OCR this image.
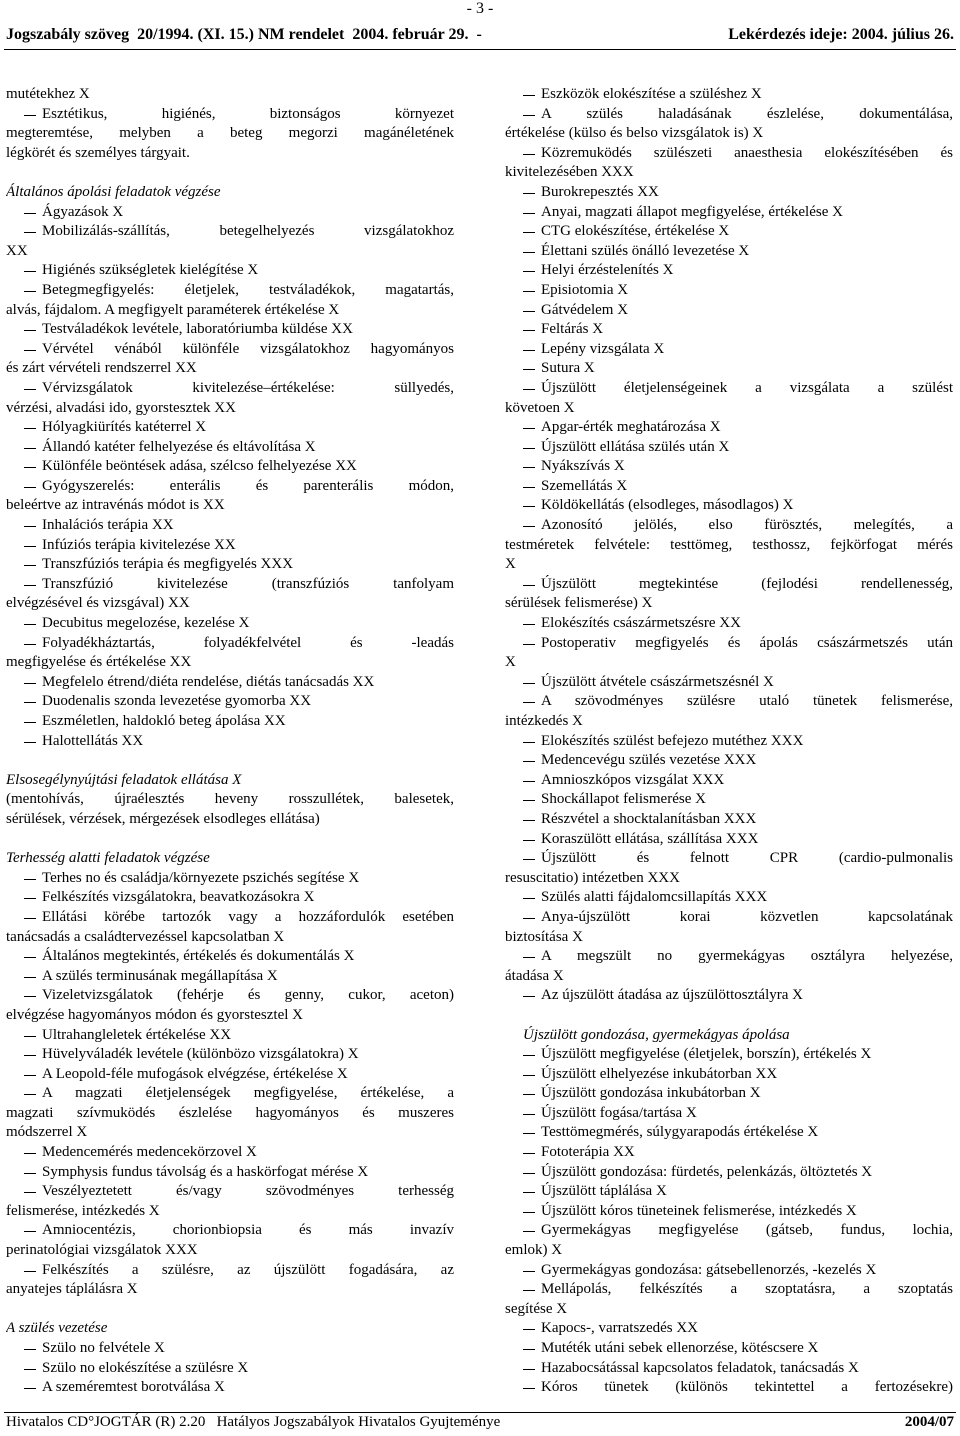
- 3 -
Jogszabály szöveg  20/1994. (XI. 15.) NM rendelet  2004. február 29.  -	Lekérdezés ideje: 2004. július 26.
mutétekhez X
Esztétikus, higiénés, biztonságos környezet
megteremtése, melyben a beteg megorzi magánéletének
légkörét és személyes tárgyait.
Általános ápolási feladatok végzése
Ágyazások X
Mobilizálás-szállítás, betegelhelyezés vizsgálatokhoz
XX
Higiénés szükségletek kielégítése X
Betegmegfigyelés: életjelek, testváladékok, magatartás,
alvás, fájdalom. A megfigyelt paraméterek értékelése X
Testváladékok levétele, laboratóriumba küldése XX
Vérvétel vénából különféle vizsgálatokhoz hagyományos
és zárt vérvételi rendszerrel XX
Vérvizsgálatok kivitelezése–értékelése: süllyedés,
vérzési, alvadási ido, gyorstesztek XX
Hólyagkiürítés katéterrel X
Állandó katéter felhelyezése és eltávolítása X
Különféle beöntések adása, szélcso felhelyezése XX
Gyógyszerelés: enterális és parenterális módon,
beleértve az intravénás módot is XX
Inhalációs terápia XX
Infúziós terápia kivitelezése XX
Transzfúziós terápia és megfigyelés XXX
Transzfúzió kivitelezése (transzfúziós tanfolyam
elvégzésével és vizsgával) XX
Decubitus megelozése, kezelése X
Folyadékháztartás, folyadékfelvétel és -leadás
megfigyelése és értékelése XX
Megfelelo étrend/diéta rendelése, diétás tanácsadás XX
Duodenalis szonda levezetése gyomorba XX
Eszméletlen, haldokló beteg ápolása XX
Halottellátás XX
Elsosegélynyújtási feladatok ellátása X
(mentohívás, újraélesztés heveny rosszullétek, balesetek,
sérülések, vérzések, mérgezések elsodleges ellátása)
Terhesség alatti feladatok végzése
Terhes no és családja/környezete pszichés segítése X
Felkészítés vizsgálatokra, beavatkozásokra X
Ellátási körébe tartozók vagy a hozzáfordulók esetében
tanácsadás a családtervezéssel kapcsolatban X
Általános megtekintés, értékelés és dokumentálás X
A szülés terminusának megállapítása X
Vizeletvizsgálatok (fehérje és genny, cukor, aceton)
elvégzése hagyományos módon és gyorstesztel X
Ultrahangleletek értékelése XX
Hüvelyváladék levétele (különbözo vizsgálatokra) X
A Leopold-féle mufogások elvégzése, értékelése X
A magzati életjelenségek megfigyelése, értékelése, a
magzati szívmuködés észlelése hagyományos és muszeres
módszerrel X
Medencemérés medencekörzovel X
Symphysis fundus távolság és a haskörfogat mérése X
Veszélyeztetett és/vagy szövodményes terhesség
felismerése, intézkedés X
Amniocentézis, chorionbiopsia és más invazív
perinatológiai vizsgálatok XXX
Felkészítés a szülésre, az újszülött fogadására, az
anyatejes táplálásra X
A szülés vezetése
Szülo no felvétele X
Szülo no elokészítése a szülésre X
A szeméremtest borotválása X
Eszközök elokészítése a szüléshez X
A szülés haladásának észlelése, dokumentálása,
értékelése (külso és belso vizsgálatok is) X
Közremuködés szülészeti anaesthesia elokészítésében és
kivitelezésében XXX
Burokrepesztés XX
Anyai, magzati állapot megfigyelése, értékelése X
CTG elokészítése, értékelése X
Élettani szülés önálló levezetése X
Helyi érzéstelenítés X
Episiotomia X
Gátvédelem X
Feltárás X
Lepény vizsgálata X
Sutura X
Újszülött életjelenségeinek a vizsgálata a szülést
követoen X
Apgar-érték meghatározása X
Újszülött ellátása szülés után X
Nyákszívás X
Szemellátás X
Köldökellátás (elsodleges, másodlagos) X
Azonosító jelölés, elso fürösztés, melegítés, a
testméretek felvétele: testtömeg, testhossz, fejkörfogat mérés
X
Újszülött megtekintése (fejlodési rendellenesség,
sérülések felismerése) X
Elokészítés császármetszésre XX
Postoperativ megfigyelés és ápolás császármetszés után
X
Újszülött átvétele császármetszésnél X
A szövodményes szülésre utaló tünetek felismerése,
intézkedés X
Elokészítés szülést befejezo mutéthez XXX
Medencevégu szülés vezetése XXX
Amnioszkópos vizsgálat XXX
Shockállapot felismerése X
Részvétel a shocktalanításban XXX
Koraszülött ellátása, szállítása XXX
Újszülött és felnott CPR (cardio-pulmonalis
resuscitatio) intézetben XXX
Szülés alatti fájdalomcsillapítás XXX
Anya-újszülött korai közvetlen kapcsolatának
biztosítása X
A megszült no gyermekágyas osztályra helyezése,
átadása X
Az újszülött átadása az újszülöttosztályra X
Újszülött gondozása, gyermekágyas ápolása
Újszülött megfigyelése (életjelek, borszín), értékelés X
Újszülött elhelyezése inkubátorban XX
Újszülött gondozása inkubátorban X
Újszülött fogása/tartása X
Testtömegmérés, súlygyarapodás értékelése X
Fototerápia XX
Újszülött gondozása: fürdetés, pelenkázás, öltöztetés X
Újszülött táplálása X
Újszülött kóros tüneteinek felismerése, intézkedés X
Gyermekágyas megfigyelése (gátseb, fundus, lochia,
emlok) X
Gyermekágyas gondozása: gátsebellenorzés, -kezelés X
Mellápolás, felkészítés a szoptatásra, a szoptatás
segítése X
Kapocs-, varratszedés XX
Mutéték utáni sebek ellenorzése, kötéscsere X
Hazabocsátással kapcsolatos feladatok, tanácsadás X
Kóros tünetek (különös tekintettel a fertozésekre)
Hivatalos CD°JOGTÁR (R) 2.20   Hatályos Jogszabályok Hivatalos Gyujteménye	2004/07
